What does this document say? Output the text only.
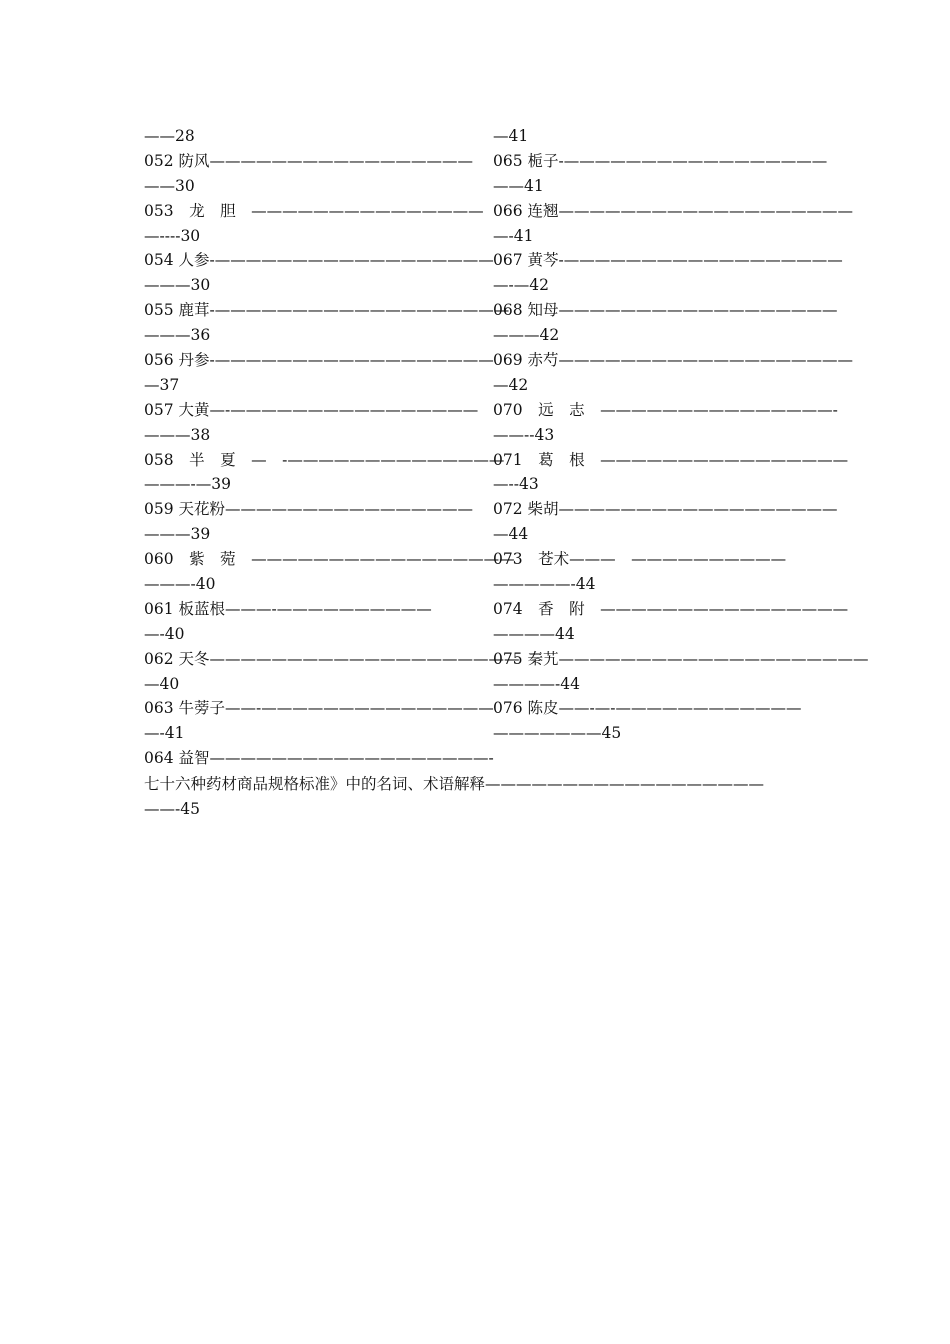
——28
052 防风—————————————————
——30
053　龙　胆　———————————————
—----30
054 人参-——————————————————
———30
055 鹿茸-———————————————————
———36
056 丹参-——————————————————
—37
057 大黄—-————————————————
———38
058　半　夏　—　-——————————————
———-—39
059 天花粉————————————————
———39
060　紫　菀　—————————————————
———-40
061 板蓝根———-——————————
—-40
062 天冬————————————————————
—40
063 牛蒡子——-———————————————
—-41
064 益智——————————————————-
—41
065 栀子-—————————————————
——41
066 连翘———————————————————
—-41
067 黄芩-——————————————————
—-—42
068 知母——————————————————
———42
069 赤芍———————————————————
—42
070　远　志　———————————————-
——--43
071　葛　根　————————————————
—--43
072 柴胡——————————————————
—44
073　苍术———　——————————
—————-44
074　香　附　————————————————
————44
075 秦艽————————————————————
————-44
076 陈皮——-—-————————————
———————45
七十六种药材商品规格标准》中的名词、术语解释——————————————————
——-45
